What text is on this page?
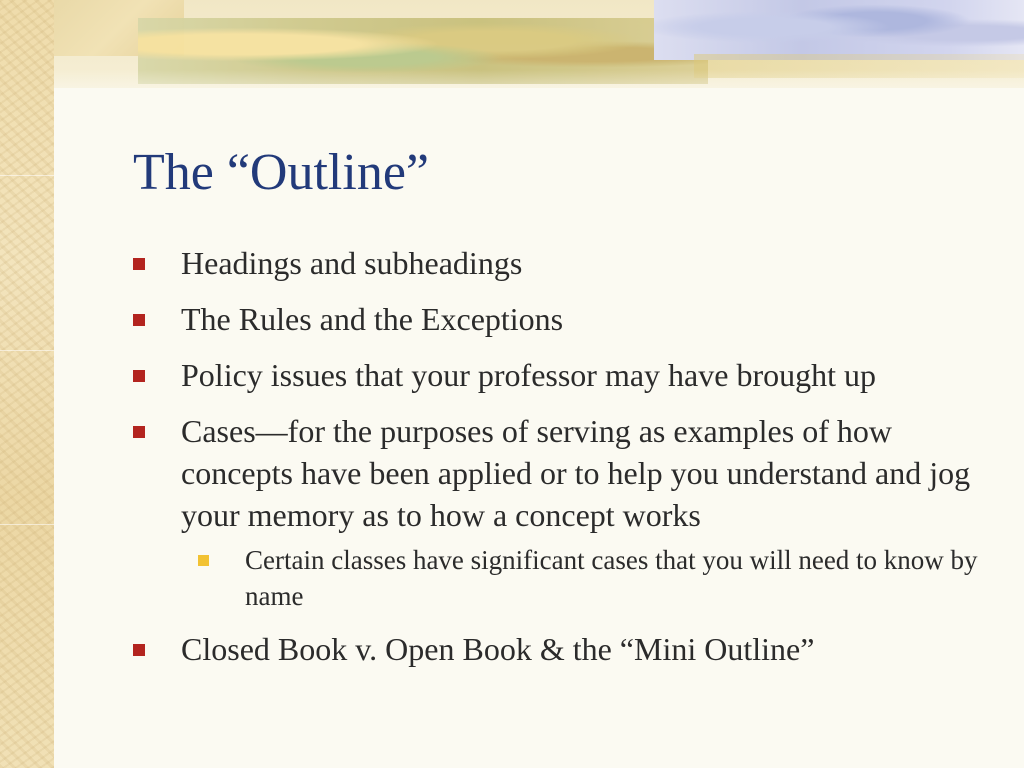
The “Outline”
Headings and subheadings
The Rules and the Exceptions
Policy issues that your professor may have brought up
Cases—for the purposes of serving as examples of how concepts have been applied or to help you understand and jog your memory as to how a concept works
Certain classes have significant cases that you will need to know by name
Closed Book v. Open Book & the “Mini Outline”
